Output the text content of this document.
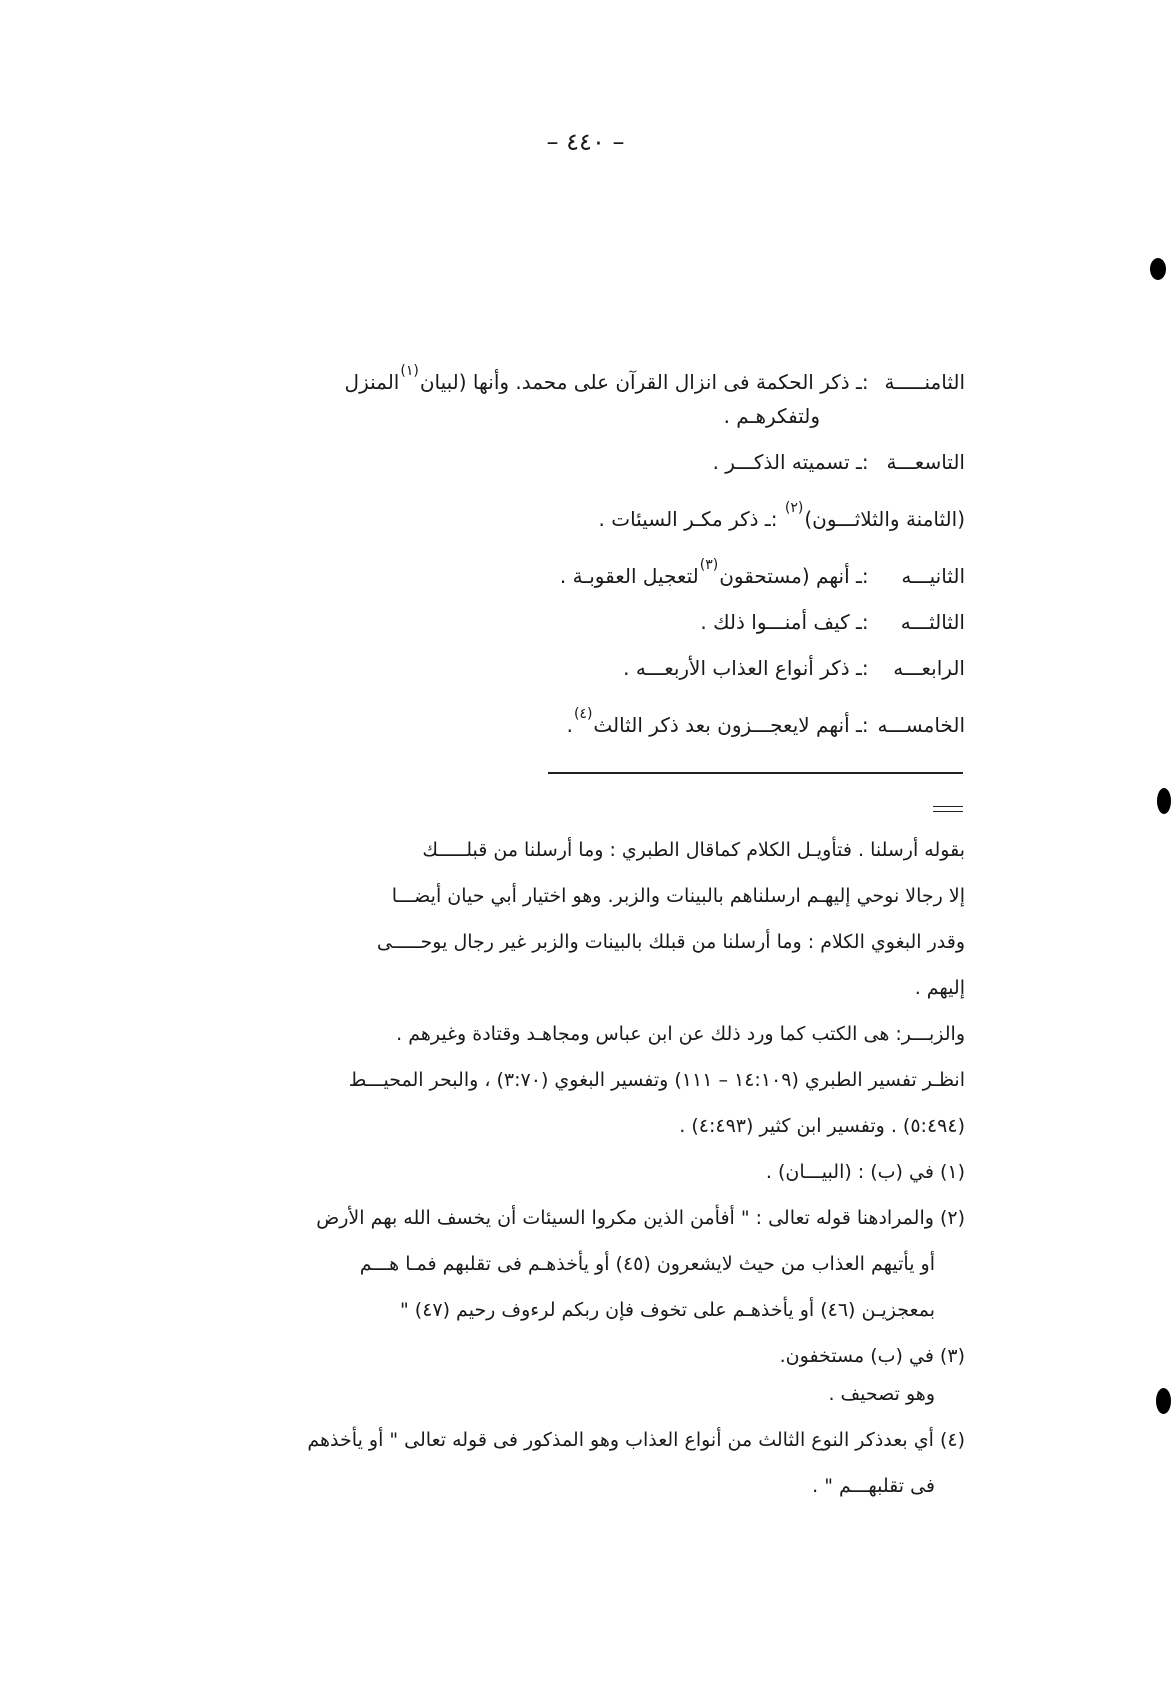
– ٤٤٠ –
الثامنـــــة :ـ ذكر الحكمة فى انزال القرآن على محمد. وأنها (لبيان$^{(١)}$المنزل
ولتفكرهـم .
التاسعـــة :ـ تسميته الذكـــر .
(الثامنة والثلاثـــون)$^{(٢)}$ :ـ ذكر مكـر السيئات .
الثانيـــه :ـ أنهم (مستحقون$^{(٣)}$لتعجيل العقوبـة .
الثالثـــه :ـ كيف أمنـــوا ذلك .
الرابعـــه :ـ ذكر أنواع العذاب الأربعـــه .
الخامســـه :ـ أنهم لايعجـــزون بعد ذكر الثالث$^{(٤)}$.
بقوله أرسلنا . فتأويـل الكلام كماقال الطبري : وما أرسلنا من قبلـــــك
إلا رجالا نوحي إليهـم ارسلناهم بالبينات والزبر. وهو اختيار أبي حيان أيضـــا
وقدر البغوي الكلام : وما أرسلنا من قبلك بالبينات والزبر غير رجال يوحـــــى
إليهم .
والزبـــر: هى الكتب كما ورد ذلك عن ابن عباس ومجاهـد وقتادة وغيرهم .
انظـر تفسير الطبري (١٤:١٠٩ – ١١١) وتفسير البغوي (٣:٧٠) ، والبحر المحيـــط
(٥:٤٩٤) . وتفسير ابن كثير (٤:٤٩٣) .
(١) في (ب) : (البيـــان) .
(٢) والمرادهنا قوله تعالى : " أفأمن الذين مكروا السيئات أن يخسف الله بهم الأرض
أو يأتيهم العذاب من حيث لايشعرون (٤٥) أو يأخذهـم فى تقلبهم فمـا هـــم
بمعجزيـن (٤٦) أو يأخذهـم على تخوف فإن ربكم لرءوف رحيم (٤٧) "
(٣) في (ب) مستخفون.
وهو تصحيف .
(٤) أي بعدذكر النوع الثالث من أنواع العذاب وهو المذكور فى قوله تعالى " أو يأخذهم
فى تقلبهـــم " .
